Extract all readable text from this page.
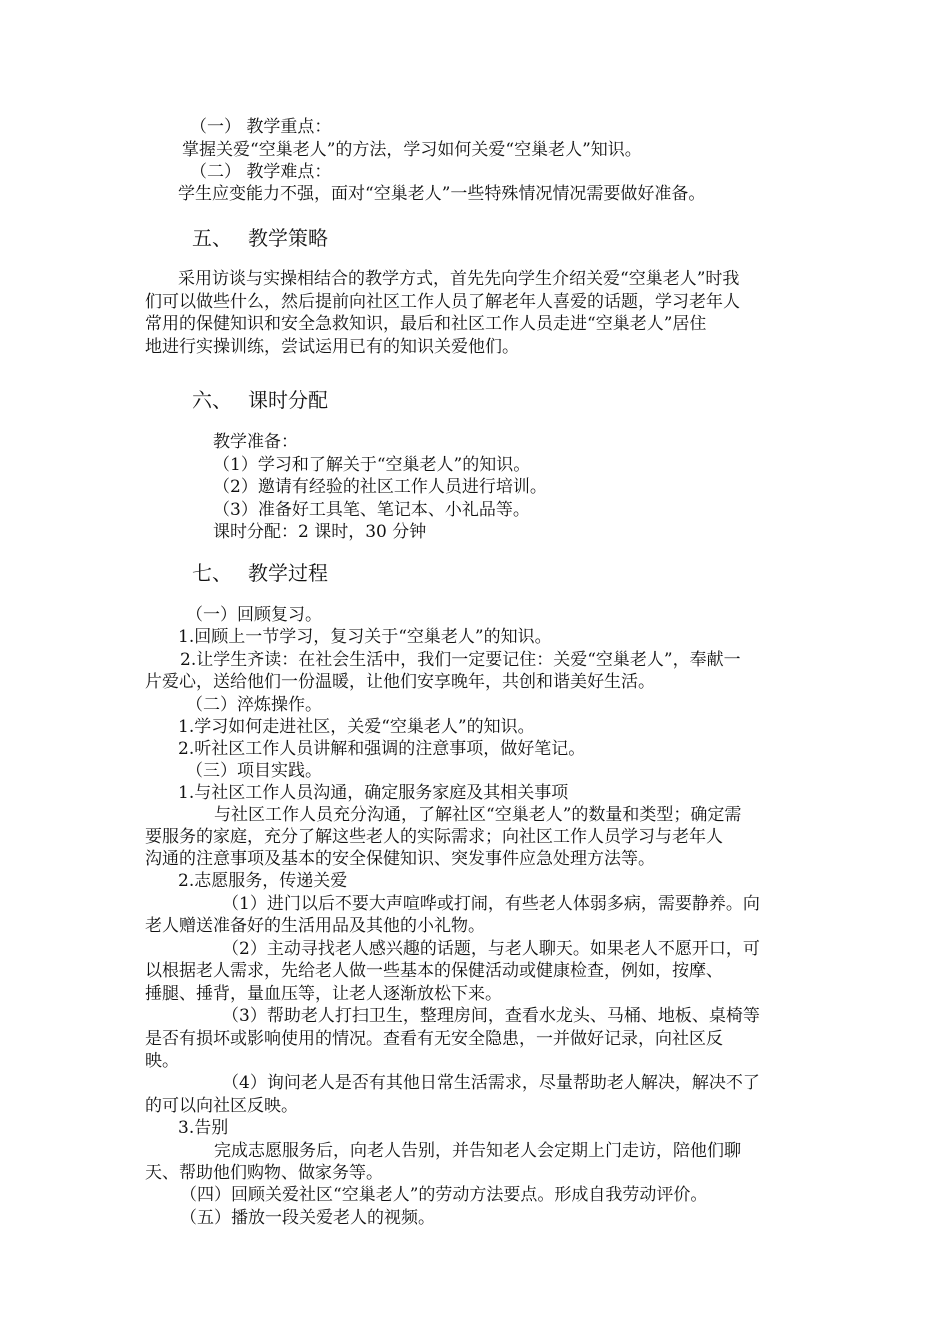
（一） 教学重点：
掌握关爱“空巢老人”的方法，学习如何关爱“空巢老人”知识。
（二） 教学难点：
学生应变能力不强，面对“空巢老人”一些特殊情况情况需要做好准备。
五、 教学策略
采用访谈与实操相结合的教学方式，首先先向学生介绍关爱“空巢老人”时我
们可以做些什么，然后提前向社区工作人员了解老年人喜爱的话题，学习老年人
常用的保健知识和安全急救知识，最后和社区工作人员走进“空巢老人”居住
地进行实操训练，尝试运用已有的知识关爱他们。
六、 课时分配
教学准备：
（1）学习和了解关于“空巢老人”的知识。
（2）邀请有经验的社区工作人员进行培训。
（3）准备好工具笔、笔记本、小礼品等。
课时分配：2 课时，30 分钟
七、 教学过程
（一）回顾复习。
1.回顾上一节学习，复习关于“空巢老人”的知识。
2.让学生齐读：在社会生活中，我们一定要记住：关爱“空巢老人”，奉献一
片爱心，送给他们一份温暖，让他们安享晚年，共创和谐美好生活。
（二）淬炼操作。
1.学习如何走进社区，关爱“空巢老人”的知识。
2.听社区工作人员讲解和强调的注意事项，做好笔记。
（三）项目实践。
1.与社区工作人员沟通，确定服务家庭及其相关事项
与社区工作人员充分沟通，了解社区“空巢老人”的数量和类型；确定需
要服务的家庭，充分了解这些老人的实际需求；向社区工作人员学习与老年人
沟通的注意事项及基本的安全保健知识、突发事件应急处理方法等。
2.志愿服务，传递关爱
（1）进门以后不要大声喧哗或打闹，有些老人体弱多病，需要静养。向
老人赠送准备好的生活用品及其他的小礼物。
（2）主动寻找老人感兴趣的话题，与老人聊天。如果老人不愿开口，可
以根据老人需求，先给老人做一些基本的保健活动或健康检查，例如，按摩、
捶腿、捶背，量血压等，让老人逐渐放松下来。
（3）帮助老人打扫卫生，整理房间，查看水龙头、马桶、地板、桌椅等
是否有损坏或影响使用的情况。查看有无安全隐患，一并做好记录，向社区反
映。
（4）询问老人是否有其他日常生活需求，尽量帮助老人解决，解决不了
的可以向社区反映。
3.告别
完成志愿服务后，向老人告别，并告知老人会定期上门走访，陪他们聊
天、帮助他们购物、做家务等。
（四）回顾关爱社区“空巢老人”的劳动方法要点。形成自我劳动评价。
（五）播放一段关爱老人的视频。
